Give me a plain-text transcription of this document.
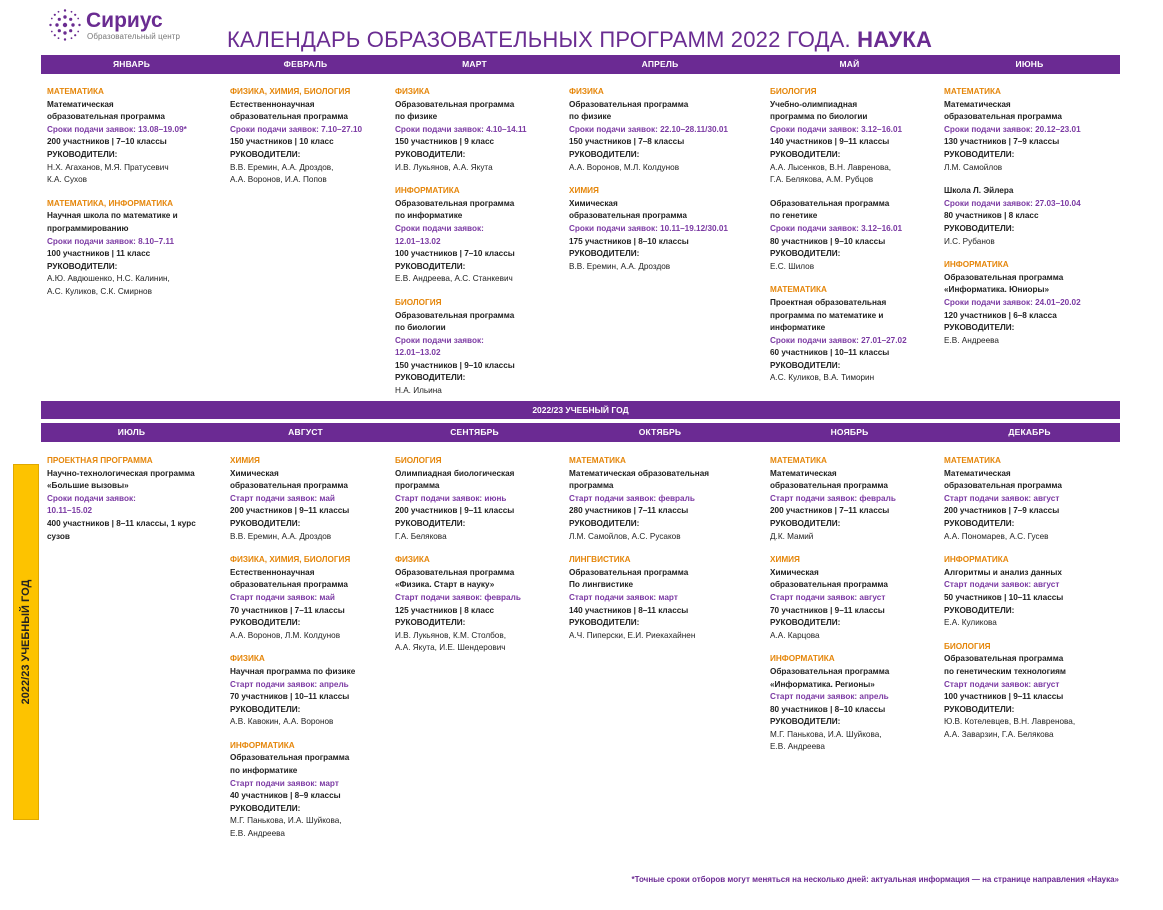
Сириус
Образовательный центр КАЛЕНДАРЬ ОБРАЗОВАТЕЛЬНЫХ ПРОГРАММ 2022 ГОДА. НАУКА
ЯНВАРЬ	ФЕВРАЛЬ	МАРТ	АПРЕЛЬ	МАЙ	ИЮНЬ
МАТЕМАТИКА
Математическая
образовательная программа
Сроки подачи заявок: 13.08–19.09*
200 участников | 7–10 классы
РУКОВОДИТЕЛИ:
Н.Х. Агаханов, М.Я. Пратусевич
К.А. Сухов
МАТЕМАТИКА, ИНФОРМАТИКА
Научная школа по математике и
программированию
Сроки подачи заявок: 8.10–7.11
100 участников | 11 класс
РУКОВОДИТЕЛИ:
А.Ю. Авдюшенко, Н.С. Калинин,
А.С. Куликов, С.К. Смирнов
ФИЗИКА, ХИМИЯ, БИОЛОГИЯ
Естественнонаучная
образовательная программа
Сроки подачи заявок: 7.10–27.10
150 участников | 10 класс
РУКОВОДИТЕЛИ:
В.В. Еремин, А.А. Дроздов,
А.А. Воронов, И.А. Попов
ФИЗИКА
Образовательная программа
по физике
Сроки подачи заявок: 4.10–14.11
150 участников | 9 класс
РУКОВОДИТЕЛИ:
И.В. Лукьянов, А.А. Якута
ИНФОРМАТИКА
Образовательная программа
по информатике
Сроки подачи заявок:
12.01–13.02
100 участников | 7–10 классы
РУКОВОДИТЕЛИ:
Е.В. Андреева, А.С. Станкевич
БИОЛОГИЯ
Образовательная программа
по биологии
Сроки подачи заявок:
12.01–13.02
150 участников | 9–10 классы
РУКОВОДИТЕЛИ:
Н.А. Ильина
ФИЗИКА
Образовательная программа
по физике
Сроки подачи заявок: 22.10–28.11/30.01
150 участников | 7–8 классы
РУКОВОДИТЕЛИ:
А.А. Воронов, М.Л. Колдунов
ХИМИЯ
Химическая
образовательная программа
Сроки подачи заявок: 10.11–19.12/30.01
175 участников | 8–10 классы
РУКОВОДИТЕЛИ:
В.В. Еремин, А.А. Дроздов
БИОЛОГИЯ
Учебно-олимпиадная
программа по биологии
Сроки подачи заявок: 3.12–16.01
140 участников | 9–11 классы
РУКОВОДИТЕЛИ:
А.А. Лысенков, В.Н. Лавренова,
Г.А. Белякова, А.М. Рубцов
Образовательная программа
по генетике
Сроки подачи заявок: 3.12–16.01
80 участников | 9–10 классы
РУКОВОДИТЕЛИ:
Е.С. Шилов
МАТЕМАТИКА
Проектная образовательная
программа по математике и
информатике
Сроки подачи заявок: 27.01–27.02
60 участников | 10–11 классы
РУКОВОДИТЕЛИ:
А.С. Куликов, В.А. Тиморин
МАТЕМАТИКА
Математическая
образовательная программа
Сроки подачи заявок: 20.12–23.01
130 участников | 7–9 классы
РУКОВОДИТЕЛИ:
Л.М. Самойлов
Школа Л. Эйлера
Сроки подачи заявок: 27.03–10.04
80 участников | 8 класс
РУКОВОДИТЕЛИ:
И.С. Рубанов
ИНФОРМАТИКА
Образовательная программа
«Информатика. Юниоры»
Сроки подачи заявок: 24.01–20.02
120 участников | 6–8 класса
РУКОВОДИТЕЛИ:
Е.В. Андреева
2022/23 УЧЕБНЫЙ ГОД
ИЮЛЬ	АВГУСТ	СЕНТЯБРЬ	ОКТЯБРЬ	НОЯБРЬ	ДЕКАБРЬ
2022/23 УЧЕБНЫЙ ГОД
ПРОЕКТНАЯ ПРОГРАММА
Научно-технологическая программа
«Большие вызовы»
Сроки подачи заявок:
10.11–15.02
400 участников | 8–11 классы, 1 курс сузов
ХИМИЯ
Химическая
образовательная программа
Старт подачи заявок: май
200 участников | 9–11 классы
РУКОВОДИТЕЛИ:
В.В. Еремин, А.А. Дроздов
ФИЗИКА, ХИМИЯ, БИОЛОГИЯ
Естественнонаучная
образовательная программа
Старт подачи заявок: май
70 участников | 7–11 классы
РУКОВОДИТЕЛИ:
А.А. Воронов, Л.М. Колдунов
ФИЗИКА
Научная программа по физике
Старт подачи заявок: апрель
70 участников | 10–11 классы
РУКОВОДИТЕЛИ:
А.В. Кавокин, А.А. Воронов
ИНФОРМАТИКА
Образовательная программа
по информатике
Старт подачи заявок: март
40 участников | 8–9 классы
РУКОВОДИТЕЛИ:
М.Г. Панькова, И.А. Шуйкова,
Е.В. Андреева
БИОЛОГИЯ
Олимпиадная биологическая
программа
Старт подачи заявок: июнь
200 участников | 9–11 классы
РУКОВОДИТЕЛИ:
Г.А. Белякова
ФИЗИКА
Образовательная программа
«Физика. Старт в науку»
Старт подачи заявок: февраль
125 участников | 8 класс
РУКОВОДИТЕЛИ:
И.В. Лукьянов, К.М. Столбов,
А.А. Якута, И.Е. Шендерович
МАТЕМАТИКА
Математическая образовательная
программа
Старт подачи заявок: февраль
280 участников | 7–11 классы
РУКОВОДИТЕЛИ:
Л.М. Самойлов, А.С. Русаков
ЛИНГВИСТИКА
Образовательная программа
По лингвистике
Старт подачи заявок: март
140 участников | 8–11 классы
РУКОВОДИТЕЛИ:
А.Ч. Пиперски, Е.И. Риекахайнен
МАТЕМАТИКА
Математическая
образовательная программа
Старт подачи заявок: февраль
200 участников | 7–11 классы
РУКОВОДИТЕЛИ:
Д.К. Мамий
ХИМИЯ
Химическая
образовательная программа
Старт подачи заявок: август
70 участников | 9–11 классы
РУКОВОДИТЕЛИ:
А.А. Карцова
ИНФОРМАТИКА
Образовательная программа
«Информатика. Регионы»
Старт подачи заявок: апрель
80 участников | 8–10 классы
РУКОВОДИТЕЛИ:
М.Г. Панькова, И.А. Шуйкова,
Е.В. Андреева
МАТЕМАТИКА
Математическая
образовательная программа
Старт подачи заявок: август
200 участников | 7–9 классы
РУКОВОДИТЕЛИ:
А.А. Пономарев, А.С. Гусев
ИНФОРМАТИКА
Алгоритмы и анализ данных
Старт подачи заявок: август
50 участников | 10–11 классы
РУКОВОДИТЕЛИ:
Е.А. Куликова
БИОЛОГИЯ
Образовательная программа
по генетическим технологиям
Старт подачи заявок: август
100 участников | 9–11 классы
РУКОВОДИТЕЛИ:
Ю.В. Котелевцев, В.Н. Лавренова,
А.А. Заварзин, Г.А. Белякова
*Точные сроки отборов могут меняться на несколько дней: актуальная информация — на странице направления «Наука»
